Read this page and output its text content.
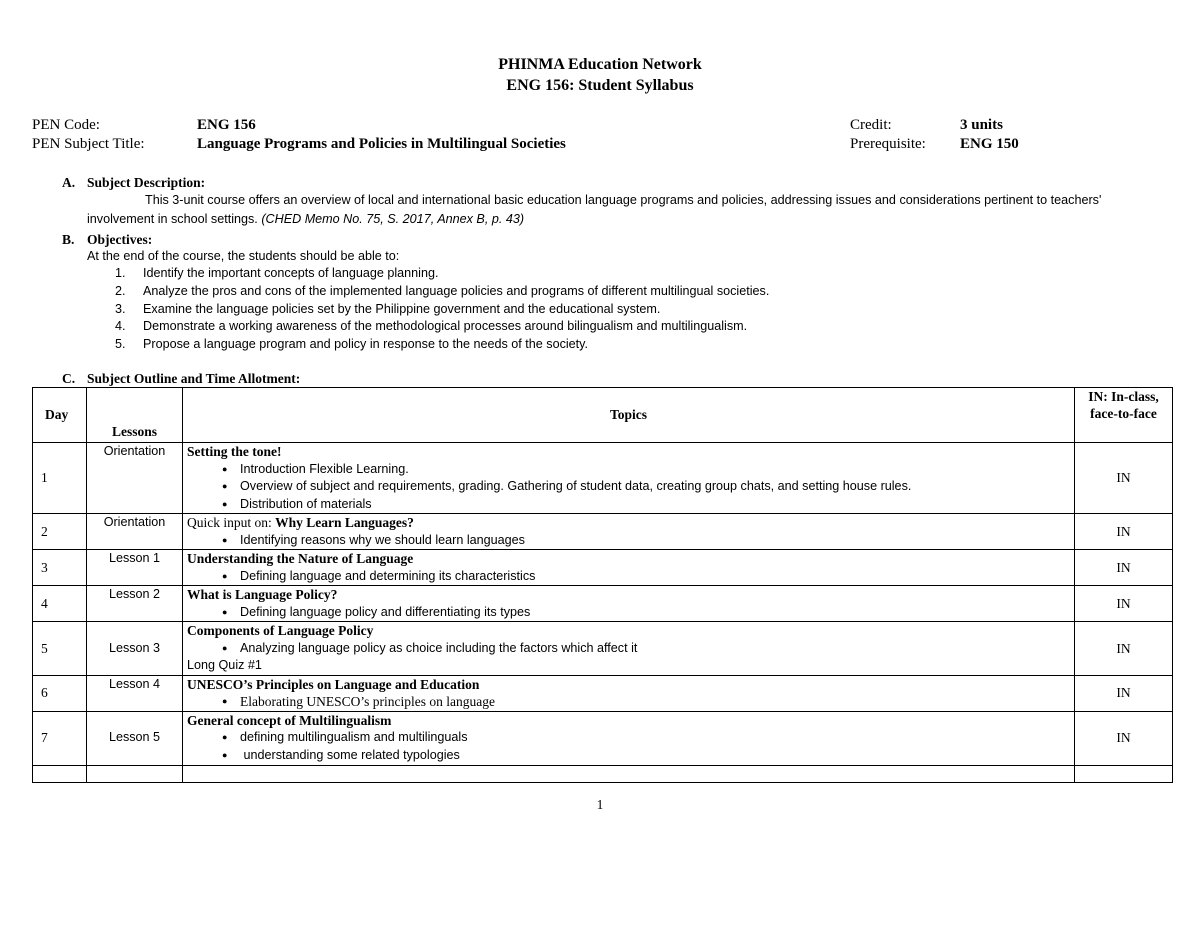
PHINMA Education Network
ENG 156: Student Syllabus
PEN Code:	ENG 156
PEN Subject Title:	Language Programs and Policies in Multilingual Societies
Credit:	3 units
Prerequisite: ENG 150
A. Subject Description:
This 3-unit course offers an overview of local and international basic education language programs and policies, addressing issues and considerations pertinent to teachers' involvement in school settings. (CHED Memo No. 75, S. 2017, Annex B, p. 43)
B. Objectives:
At the end of the course, the students should be able to:
1. Identify the important concepts of language planning.
2. Analyze the pros and cons of the implemented language policies and programs of different multilingual societies.
3. Examine the language policies set by the Philippine government and the educational system.
4. Demonstrate a working awareness of the methodological processes around bilingualism and multilingualism.
5. Propose a language program and policy in response to the needs of the society.
C. Subject Outline and Time Allotment:
Day	Lessons	Topics	IN: In-class,
face-to-face

1	Orientation	Setting the tone!
● Introduction Flexible Learning.
● Overview of subject and requirements, grading. Gathering of student data, creating group chats, and setting house rules.
● Distribution of materials	IN
2	Orientation	Quick input on: Why Learn Languages?
● Identifying reasons why we should learn languages	IN
3	Lesson 1	Understanding the Nature of Language
● Defining language and determining its characteristics	IN
4	Lesson 2	What is Language Policy?
● Defining language policy and differentiating its types	IN
5	Lesson 3	Components of Language Policy
● Analyzing language policy as choice including the factors which affect it
Long Quiz #1	IN
6	Lesson 4	UNESCO’s Principles on Language and Education
● Elaborating UNESCO’s principles on language	IN
7	Lesson 5	General concept of Multilingualism
● defining multilingualism and multilinguals
●  understanding some related typologies	IN

1
